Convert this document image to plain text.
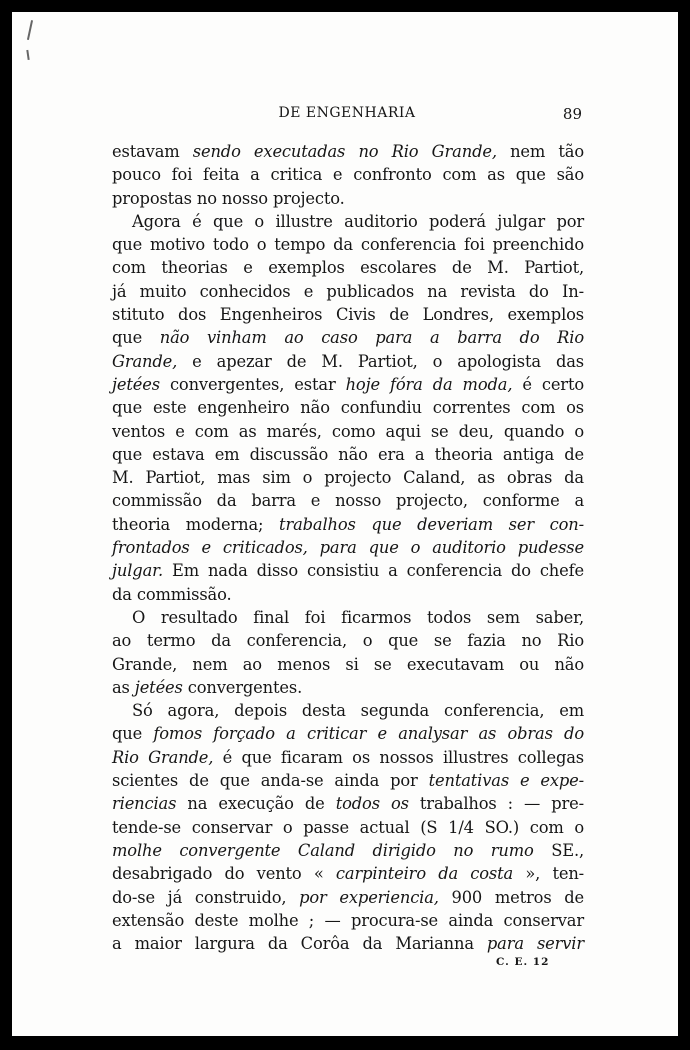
DE ENGENHARIA	89
estavam sendo executadas no Rio Grande, nem tão
pouco foi feita a critica e confronto com as que são
propostas no nosso projecto.
Agora é que o illustre auditorio poderá julgar por
que motivo todo o tempo da conferencia foi preenchido
com theorias e exemplos escolares de M. Partiot,
já muito conhecidos e publicados na revista do In-
stituto dos Engenheiros Civis de Londres, exemplos
que não vinham ao caso para a barra do Rio
Grande, e apezar de M. Partiot, o apologista das
jetées convergentes, estar hoje fóra da moda, é certo
que este engenheiro não confundiu correntes com os
ventos e com as marés, como aqui se deu, quando o
que estava em discussão não era a theoria antiga de
M. Partiot, mas sim o projecto Caland, as obras da
commissão da barra e nosso projecto, conforme a
theoria moderna; trabalhos que deveriam ser con-
frontados e criticados, para que o auditorio pudesse
julgar. Em nada disso consistiu a conferencia do chefe
da commissão.
O resultado final foi ficarmos todos sem saber,
ao termo da conferencia, o que se fazia no Rio
Grande, nem ao menos si se executavam ou não
as jetées convergentes.
Só agora, depois desta segunda conferencia, em
que fomos forçado a criticar e analysar as obras do
Rio Grande, é que ficaram os nossos illustres collegas
scientes de que anda-se ainda por tentativas e expe-
riencias na execução de todos os trabalhos : — pre-
tende-se conservar o passe actual (S 1/4 SO.) com o
molhe convergente Caland dirigido no rumo SE.,
desabrigado do vento « carpinteiro da costa », ten-
do-se já construido, por experiencia, 900 metros de
extensão deste molhe ; — procura-se ainda conservar
a maior largura da Corôa da Marianna para servir
C. E. 12
